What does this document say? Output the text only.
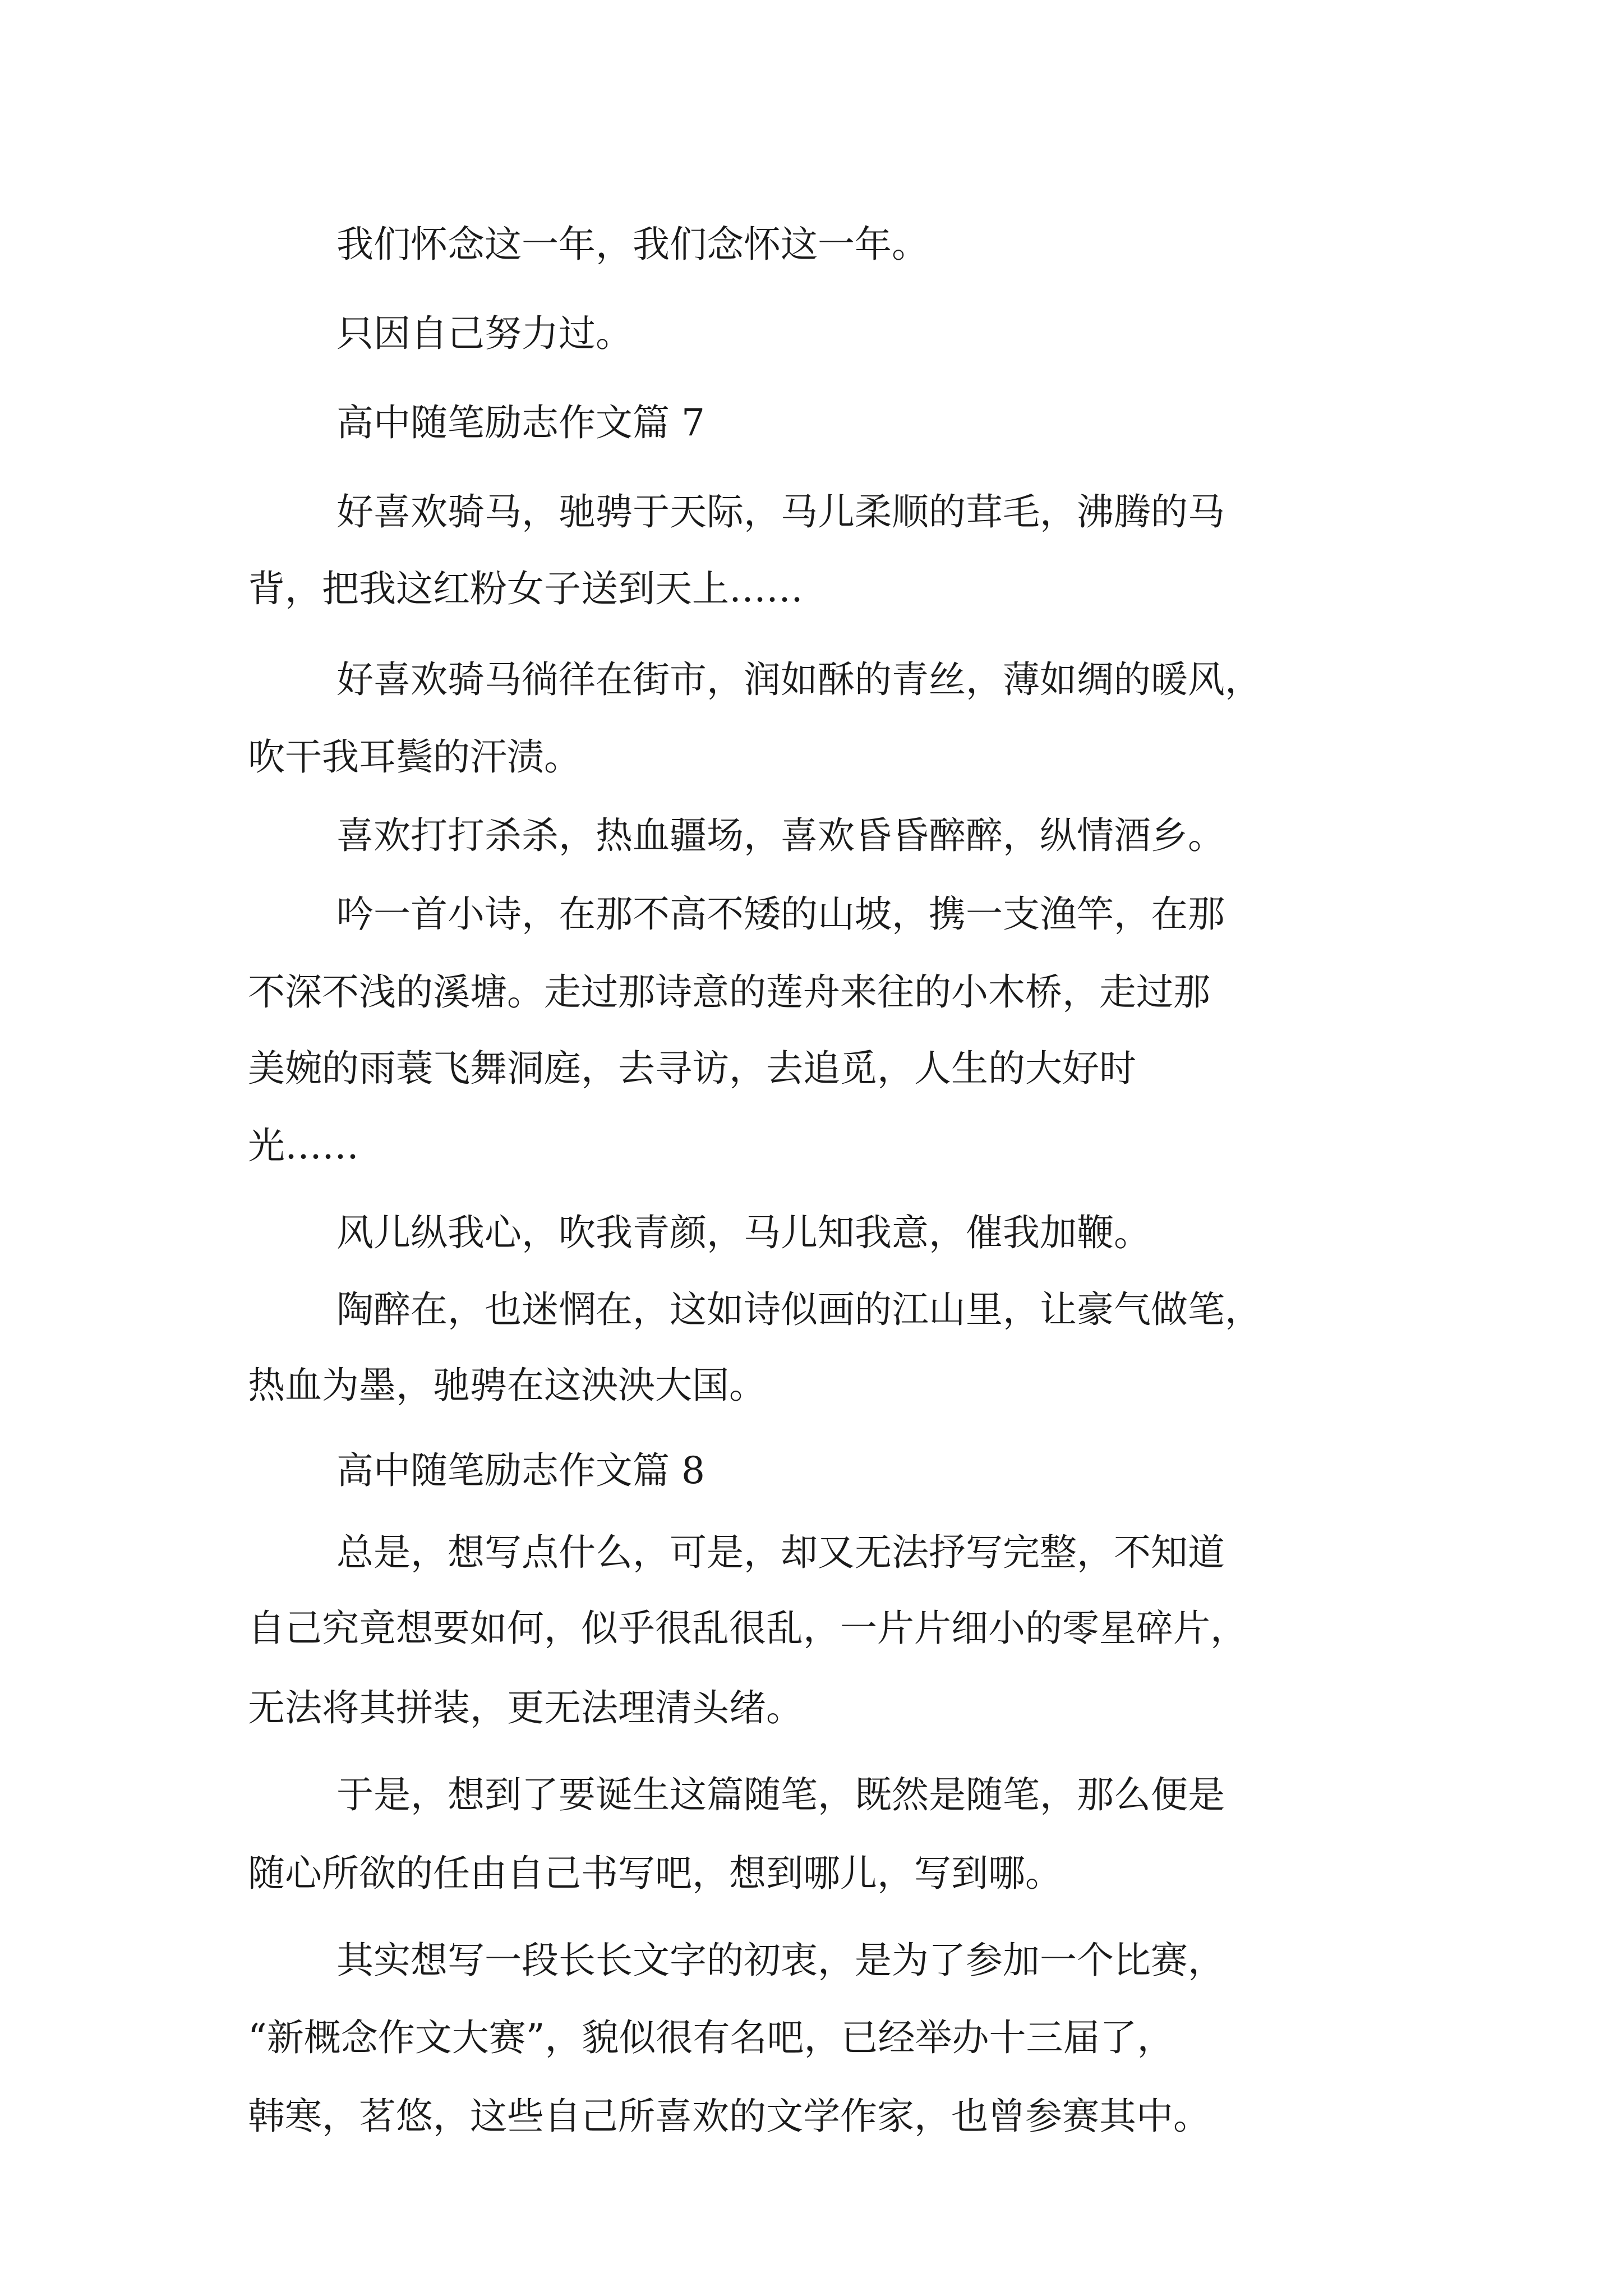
我们怀念这一年，我们念怀这一年。
只因自己努力过。
高中随笔励志作文篇 7
好喜欢骑马，驰骋于天际，马儿柔顺的茸毛，沸腾的马
背，把我这红粉女子送到天上……
好喜欢骑马徜徉在街市，润如酥的青丝，薄如绸的暖风，
吹干我耳鬓的汗渍。
喜欢打打杀杀，热血疆场，喜欢昏昏醉醉，纵情酒乡。
吟一首小诗，在那不高不矮的山坡，携一支渔竿，在那
不深不浅的溪塘。走过那诗意的莲舟来往的小木桥，走过那
美婉的雨蓑飞舞洞庭，去寻访，去追觅，人生的大好时
光……
风儿纵我心，吹我青颜，马儿知我意，催我加鞭。
陶醉在，也迷惘在，这如诗似画的江山里，让豪气做笔，
热血为墨，驰骋在这泱泱大国。
高中随笔励志作文篇 8
总是，想写点什么，可是，却又无法抒写完整，不知道
自己究竟想要如何，似乎很乱很乱，一片片细小的零星碎片，
无法将其拼装，更无法理清头绪。
于是，想到了要诞生这篇随笔，既然是随笔，那么便是
随心所欲的任由自己书写吧，想到哪儿，写到哪。
其实想写一段长长文字的初衷，是为了参加一个比赛，
“新概念作文大赛”，貌似很有名吧，已经举办十三届了，
韩寒，茗悠，这些自己所喜欢的文学作家，也曾参赛其中。
